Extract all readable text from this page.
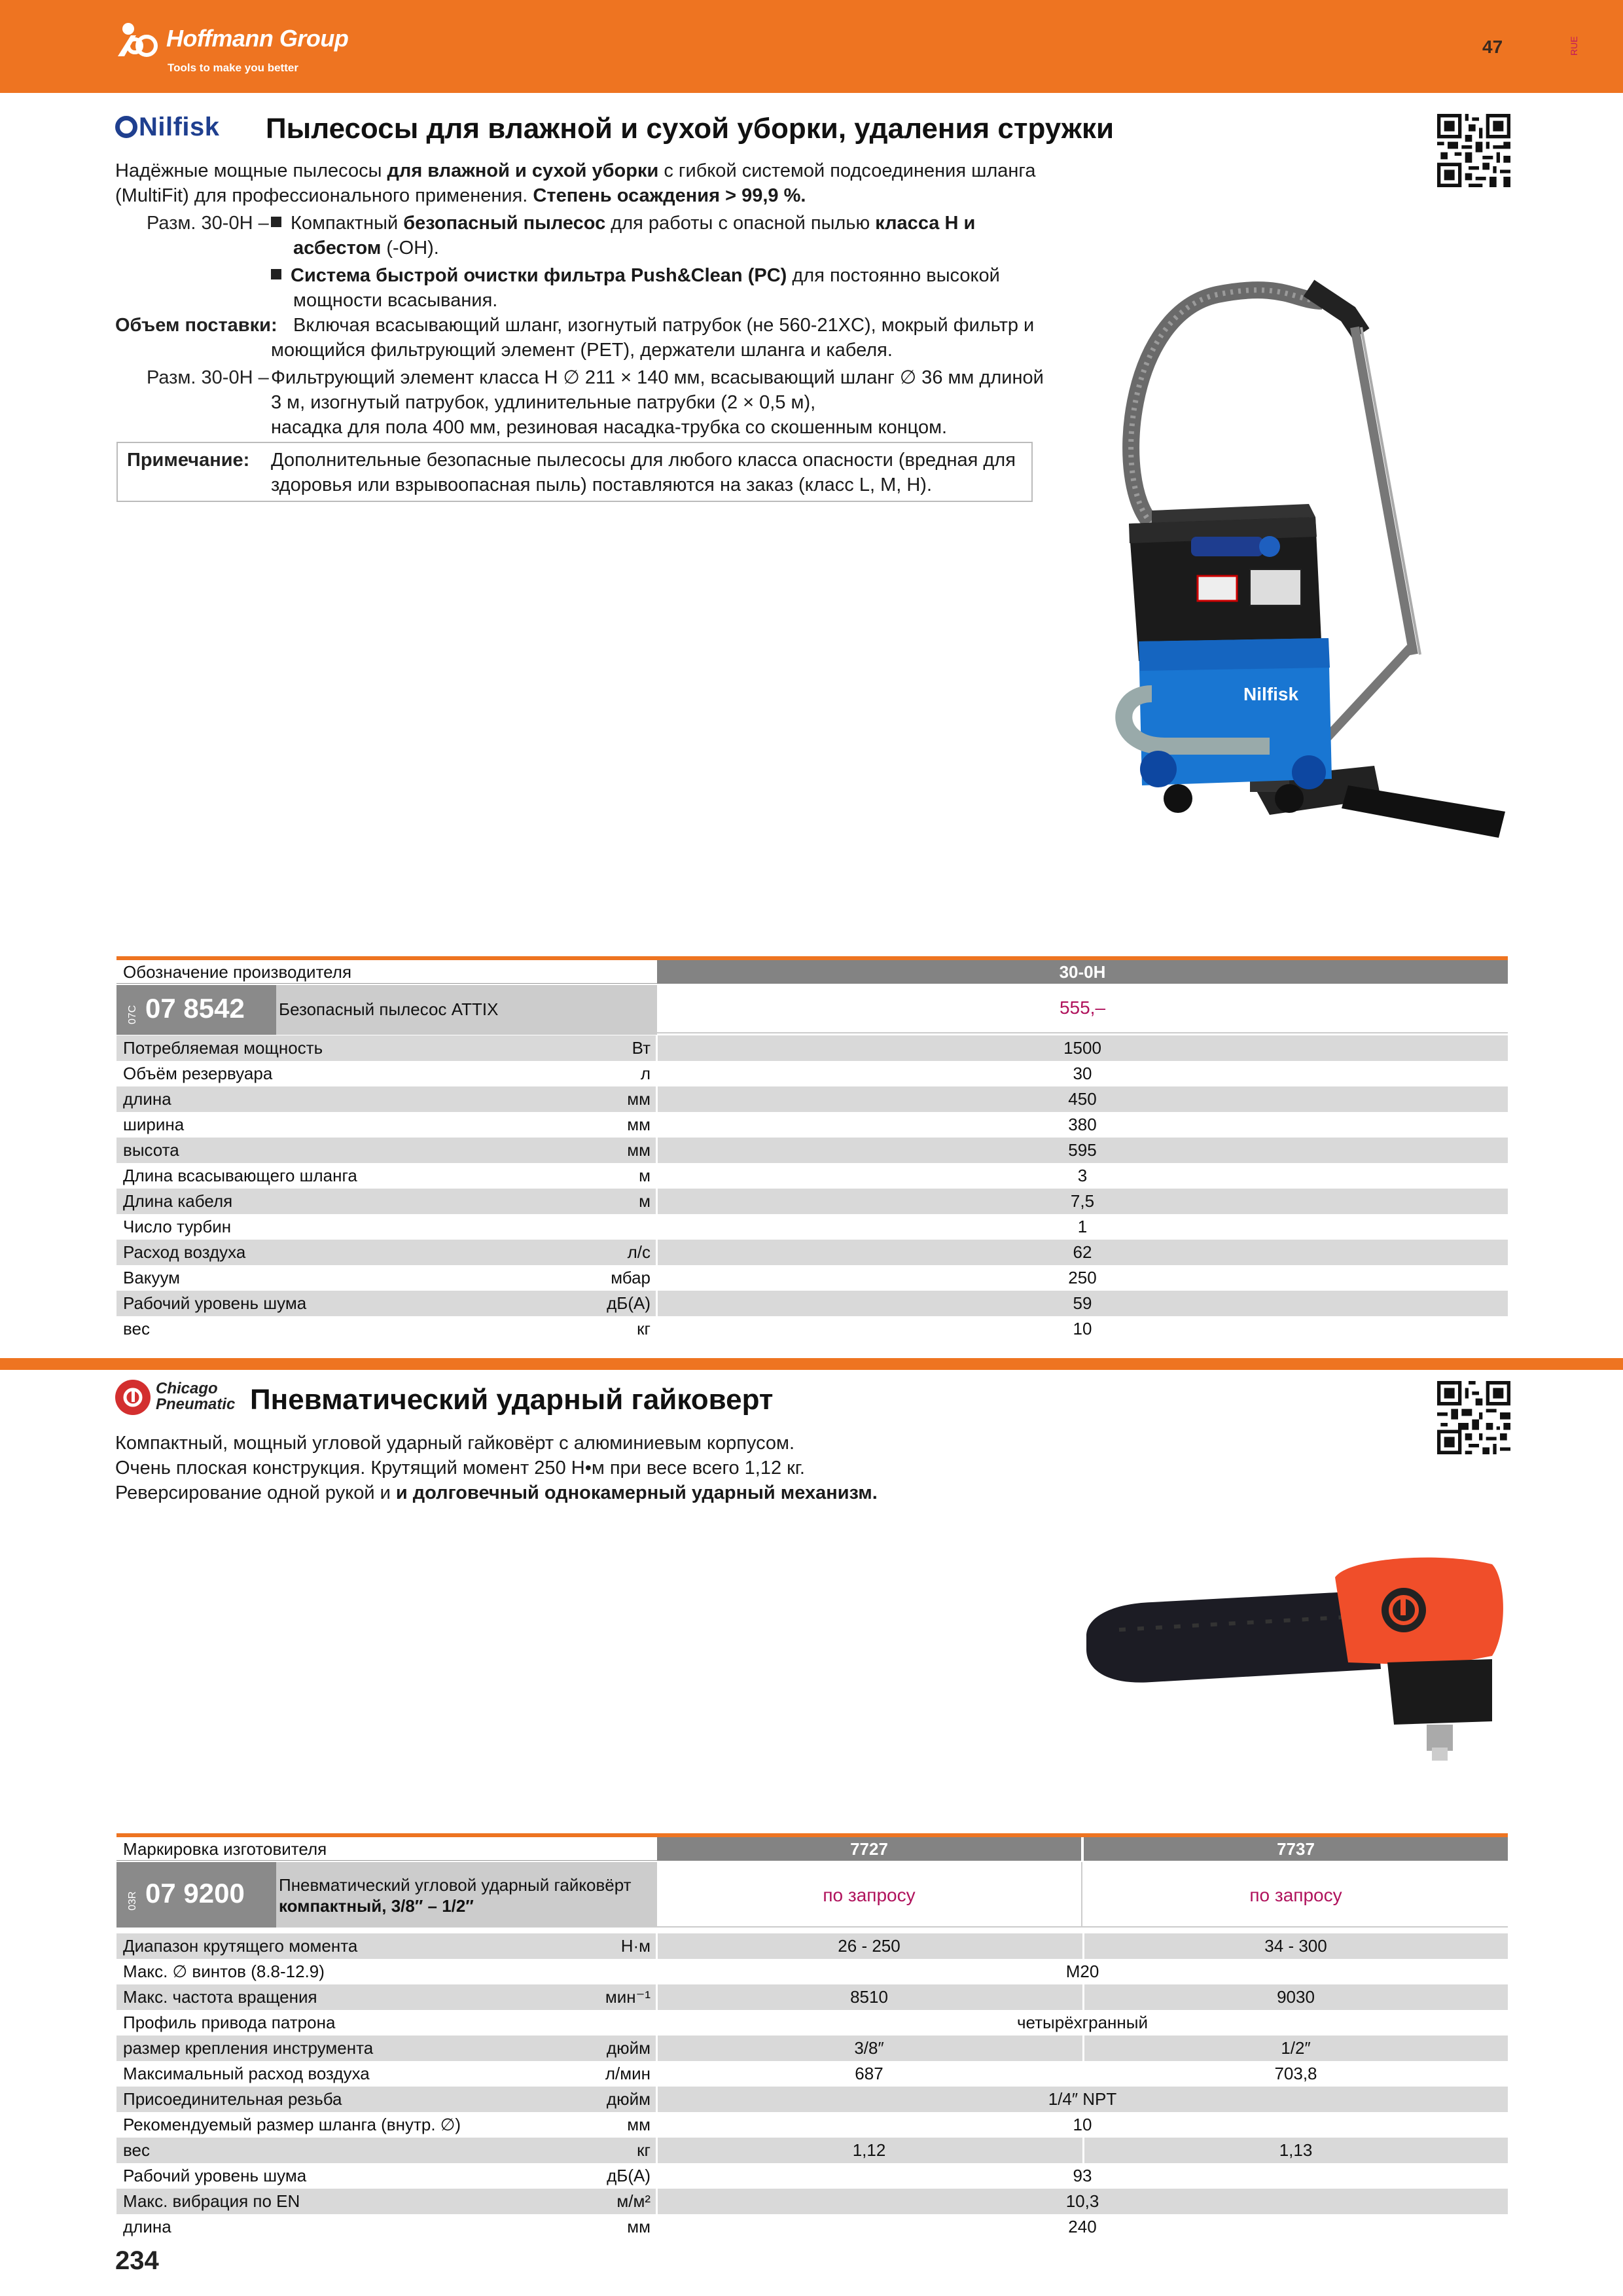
Hoffmann Group
Tools to make you better
47	RUE
Nilfisk Пылесосы для влажной и сухой уборки, удаления стружки
Надёжные мощные пылесосы для влажной и сухой уборки с гибкой системой подсоединения шланга
(MultiFit) для профессионального применения. Степень осаждения > 99,9 %.
Разм. 30-0H –	Компактный безопасный пылесос для работы с опасной пылью класса H и
асбестом (-OH).
Система быстрой очистки фильтра Push&Clean (PC) для постоянно высокой
мощности всасывания.
Объем поставки: Включая всасывающий шланг, изогнутый патрубок (не 560-21XC), мокрый фильтр и
моющийся фильтрующий элемент (PET), держатели шланга и кабеля.
Разм. 30-0H – Фильтрующий элемент класса H ∅ 211 × 140 мм, всасывающий шланг ∅ 36 мм длиной
3 м, изогнутый патрубок, удлинительные патрубки (2 × 0,5 м),
насадка для пола 400 мм, резиновая насадка-трубка со скошенным концом.
Примечание: Дополнительные безопасные пылесосы для любого класса опасности (вредная для
здоровья или взрывоопасная пыль) поставляются на заказ (класс L, M, H).
Nilfisk
Обозначение производителя	30-0H
07C 07 8542 Безопасный пылесос ATTIX	555,–
Потребляемая мощность	Вт	1500
Объём резервуара	л	30
длина	мм	450
ширина	мм	380
высота	мм	595
Длина всасывающего шланга	м	3
Длина кабеля	м	7,5
Число турбин	1
Расход воздуха	л/с	62
Вакуум	мбар	250
Рабочий уровень шума	дБ(A)	59
вес	кг	10
Chicago
Pneumatic Пневматический ударный гайковерт
Компактный, мощный угловой ударный гайковёрт с алюминиевым корпусом.
Очень плоская конструкция. Крутящий момент 250 Н•м при весе всего 1,12 кг.
Реверсирование одной рукой и и долговечный однокамерный ударный механизм.
Маркировка изготовителя	7727	7737
03R 07 9200 Пневматический угловой ударный гайковёрт
компактный, 3/8″ – 1/2″
по запросу	по запросу
Диапазон крутящего момента	Н·м	26 - 250	34 - 300
Макс. ∅ винтов (8.8-12.9)	M20
Макс. частота вращения	мин⁻¹	8510	9030
Профиль привода патрона	четырёхгранный
размер крепления инструмента	дюйм	3/8″	1/2″
Максимальный расход воздуха	л/мин	687	703,8
Присоединительная резьба	дюйм	1/4″ NPT
Рекомендуемый размер шланга (внутр. ∅)	мм	10
вес	кг	1,12	1,13
Рабочий уровень шума	дБ(A)	93
Макс. вибрация по EN	м/м²	10,3
длина	мм	240
234
